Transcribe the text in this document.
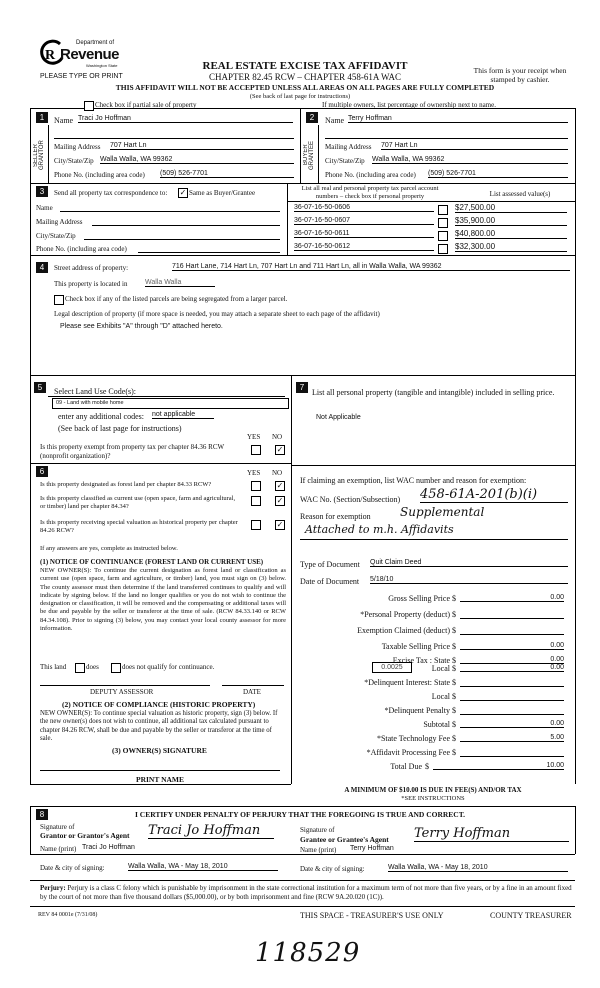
R
Department of
Revenue
Washington State
PLEASE TYPE OR PRINT
REAL ESTATE EXCISE TAX AFFIDAVIT
CHAPTER 82.45 RCW – CHAPTER 458-61A WAC
THIS AFFIDAVIT WILL NOT BE ACCEPTED UNLESS ALL AREAS ON ALL PAGES ARE FULLY COMPLETED
(See back of last page for instructions)
This form is your receipt when stamped by cashier.
Check box if partial sale of property	If multiple owners, list percentage of ownership next to name.
1
SELLER GRANTOR
Name Traci Jo Hoffman
Mailing Address 707 Hart Ln
City/State/Zip Walla Walla, WA 99362
Phone No. (including area code) (509) 526-7701
2
BUYER GRANTEE
Name Terry Hoffman
Mailing Address 707 Hart Ln
City/State/Zip Walla Walla, WA 99362
Phone No. (including area code) (509) 526-7701
3	Send all property tax correspondence to: ✓ Same as Buyer/Grantee
Name
Mailing Address
City/State/Zip
Phone No. (including area code)
List all real and personal property tax parcel account numbers – check box if personal property	List assessed value(s)
36-07-16-50-0606	$27,500.00
36-07-16-50-0607	$35,900.00
36-07-16-50-0611	$40,800.00
36-07-16-50-0612	$32,300.00
4	Street address of property:	716 Hart Lane, 714 Hart Ln, 707 Hart Ln and 711 Hart Ln, all in Walla Walla, WA 99362
This property is located in	Walla Walla
Check box if any of the listed parcels are being segregated from a larger parcel.
Legal description of property (if more space is needed, you may attach a separate sheet to each page of the affidavit)
Please see Exhibits "A" through "D" attached hereto.
5	Select Land Use Code(s):
09 - Land with mobile home
enter any additional codes: not applicable
(See back of last page for instructions)
YES NO
Is this property exempt from property tax per chapter 84.36 RCW (nonprofit organization)?
✓
6	YES NO
Is this property designated as forest land per chapter 84.33 RCW?	✓
Is this property classified as current use (open space, farm and agricultural, or timber) land per chapter 84.34?
✓
Is this property receiving special valuation as historical property per chapter 84.26 RCW?
✓
If any answers are yes, complete as instructed below.
(1) NOTICE OF CONTINUANCE (FOREST LAND OR CURRENT USE)
NEW OWNER(S): To continue the current designation as forest land or classification as current use (open space, farm and agriculture, or timber) land, you must sign on (3) below. The county assessor must then determine if the land transferred continues to qualify and will indicate by signing below. If the land no longer qualifies or you do not wish to continue the designation or classification, it will be removed and the compensating or additional taxes will be due and payable by the seller or transferor at the time of sale. (RCW 84.33.140 or RCW 84.34.108). Prior to signing (3) below, you may contact your local county assessor for more information.
This land	does	does not qualify for continuance.
DEPUTY ASSESSOR	DATE
(2) NOTICE OF COMPLIANCE (HISTORIC PROPERTY)
NEW OWNER(S): To continue special valuation as historic property, sign (3) below. If the new owner(s) does not wish to continue, all additional tax calculated pursuant to chapter 84.26 RCW, shall be due and payable by the seller or transferor at the time of sale.
(3) OWNER(S) SIGNATURE
PRINT NAME
7
List all personal property (tangible and intangible) included in selling price.
Not Applicable
If claiming an exemption, list WAC number and reason for exemption:
WAC No. (Section/Subsection) 458-61A-201(b)(i)
Reason for exemption Supplemental
Attached to m.h. Affidavits
Type of Document Quit Claim Deed
Date of Document 5/18/10
Gross Selling Price $	0.00
*Personal Property (deduct) $
Exemption Claimed (deduct) $
Taxable Selling Price $	0.00
Excise Tax : State $	0.00
0.0025	Local $	0.00
*Delinquent Interest: State $
Local $
*Delinquent Penalty $
Subtotal $	0.00
*State Technology Fee $	5.00
*Affidavit Processing Fee $
Total Due $	10.00
A MINIMUM OF $10.00 IS DUE IN FEE(S) AND/OR TAX
*SEE INSTRUCTIONS
8	I CERTIFY UNDER PENALTY OF PERJURY THAT THE FOREGOING IS TRUE AND CORRECT.
Signature of
Grantor or Grantor's Agent Traci Jo Hoffman
Name (print) Traci Jo Hoffman
Signature of
Grantee or Grantee's Agent Terry Hoffman
Name (print) Terry Hoffman
Date & city of signing:	Walla Walla, WA - May 18, 2010	Date & city of signing:	Walla Walla, WA - May 18, 2010
Perjury: Perjury is a class C felony which is punishable by imprisonment in the state correctional institution for a maximum term of not more than five years, or by a fine in an amount fixed by the court of not more than five thousand dollars ($5,000.00), or by both imprisonment and fine (RCW 9A.20.020 (1C)).
REV 84 0001e (7/31/08)	THIS SPACE - TREASURER'S USE ONLY	COUNTY TREASURER
118529
